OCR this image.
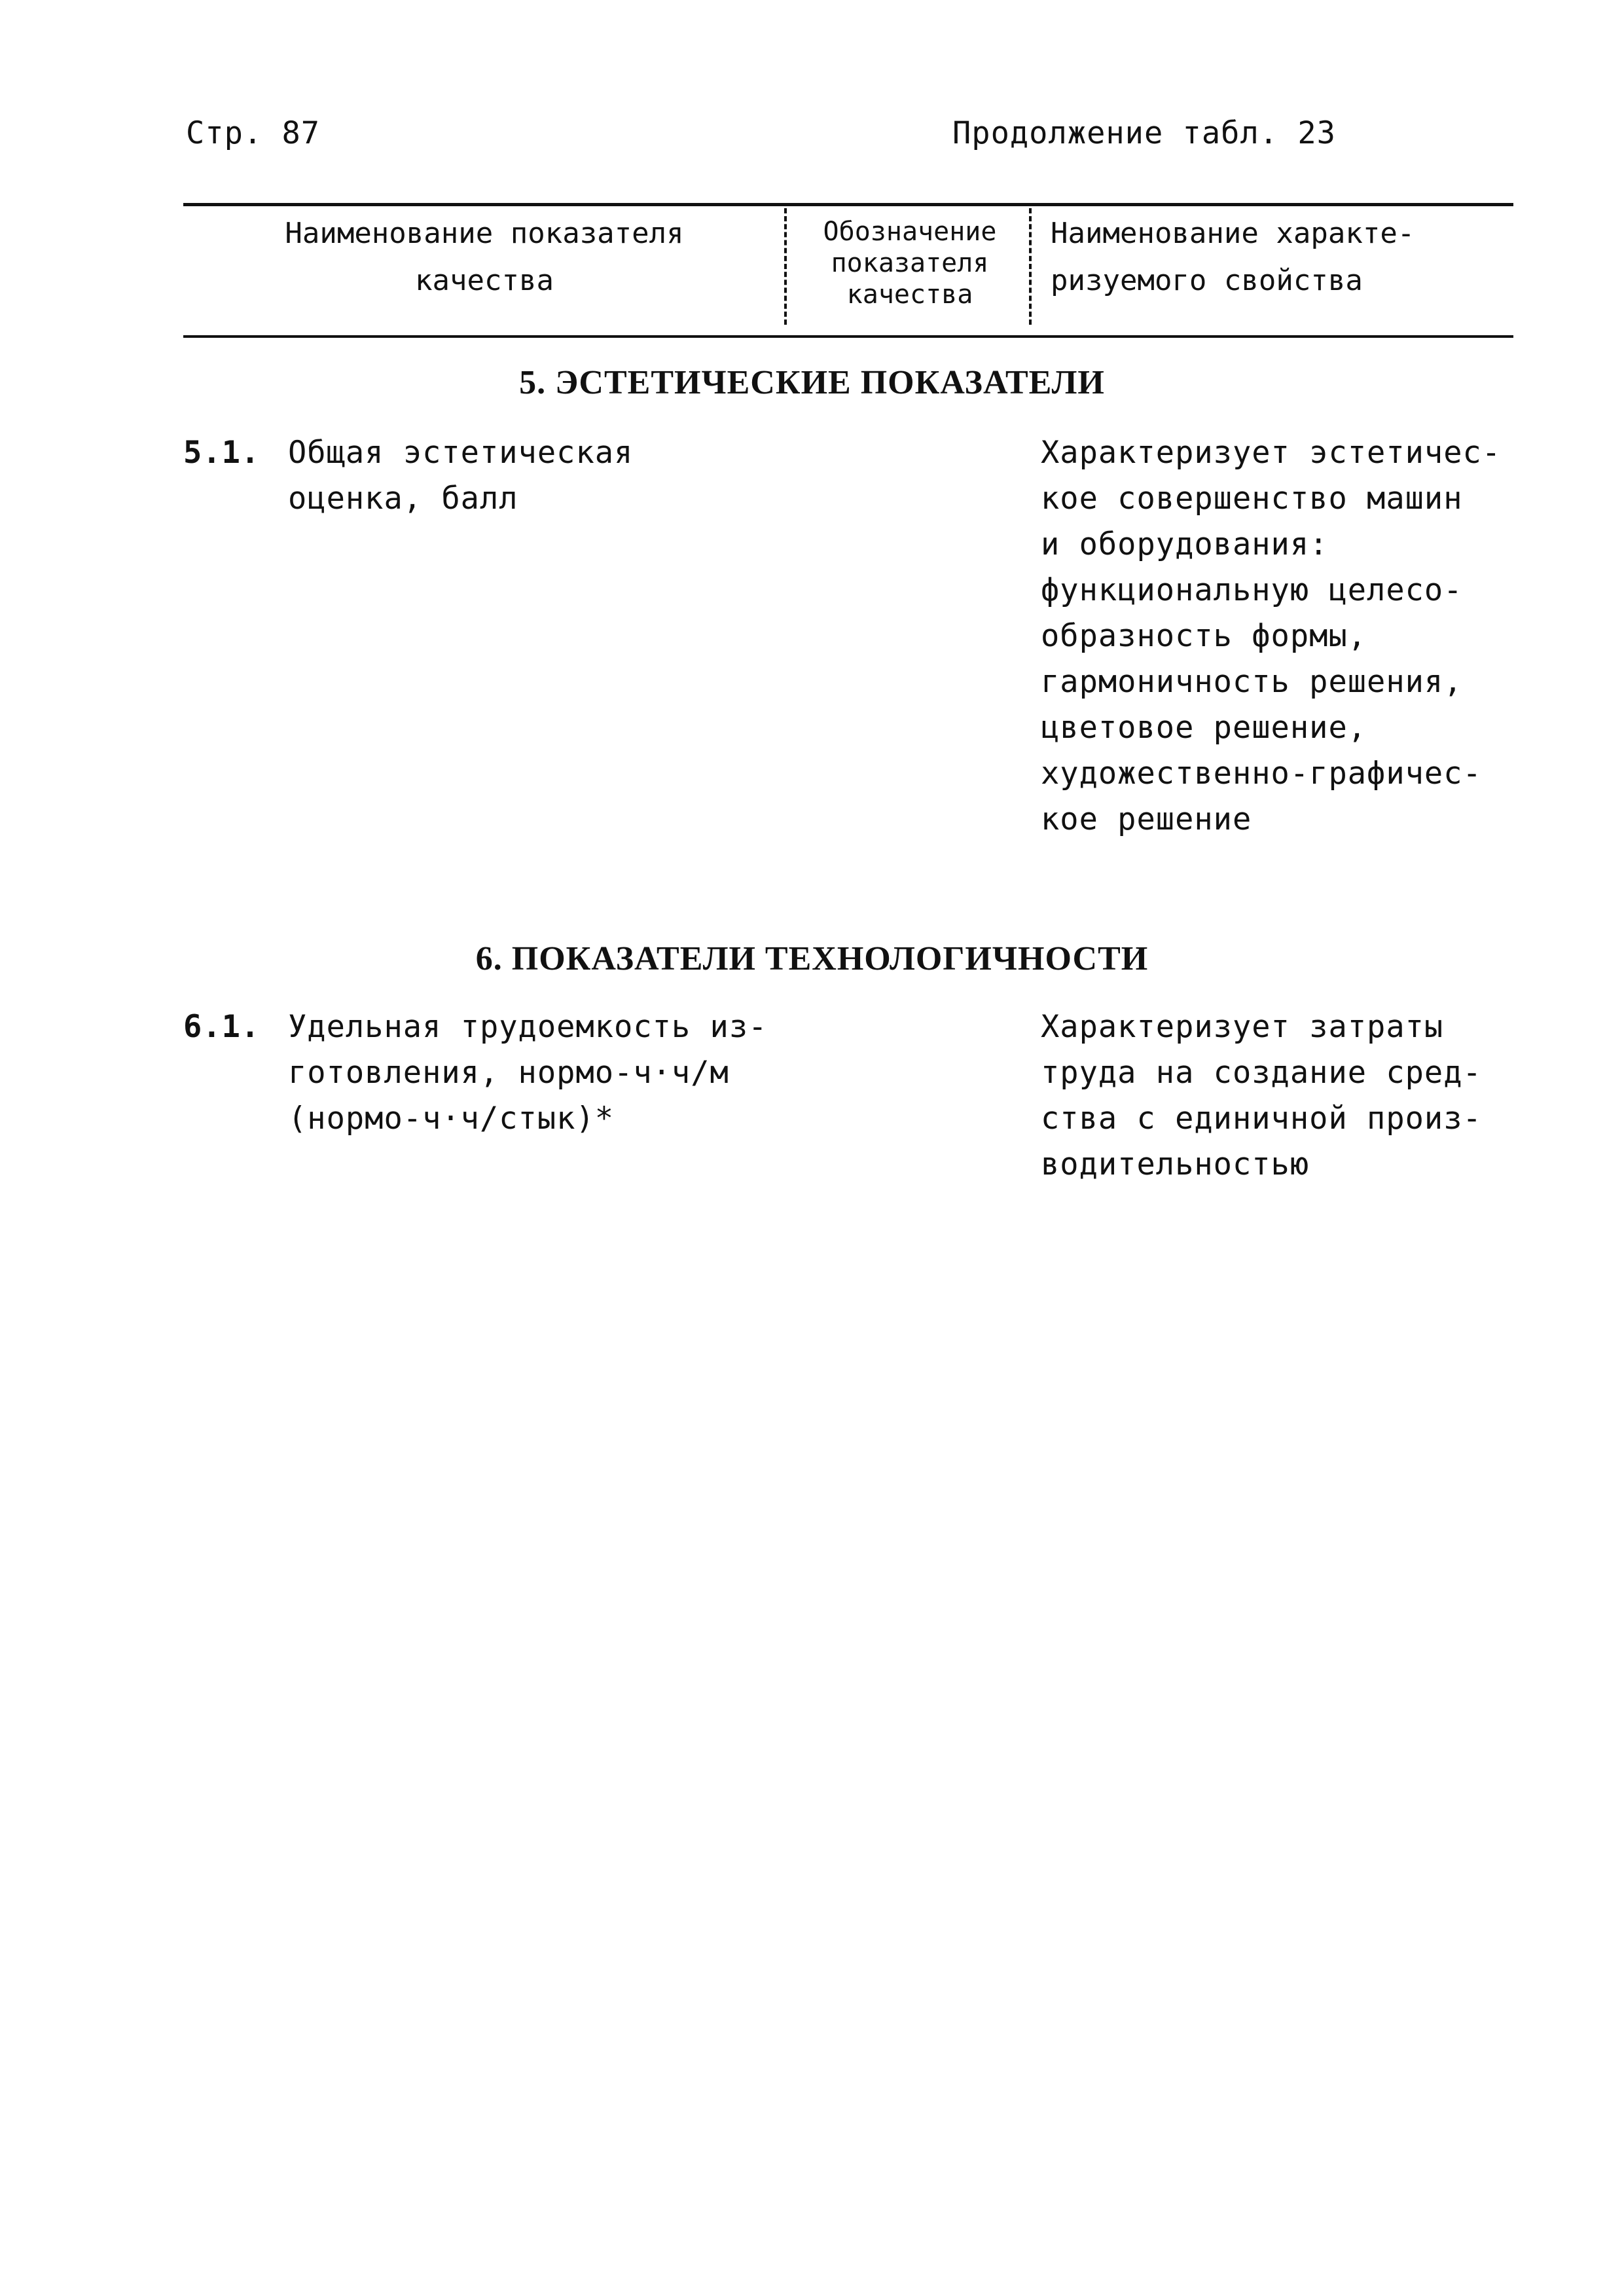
Стр. 87	Продолжение табл. 23
Наименование показателя
качества
Обозначение
показателя
качества
Наименование характе-
ризуемого свойства
5. ЭСТЕТИЧЕСКИЕ ПОКАЗАТЕЛИ
5.1. Общая эстетическая
оценка, балл
Характеризует эстетичес-
кое совершенство машин
и оборудования:
функциональную целесо-
образность формы,
гармоничность решения,
цветовое решение,
художественно-графичес-
кое решение
6. ПОКАЗАТЕЛИ ТЕХНОЛОГИЧНОСТИ
6.1. Удельная трудоемкость из-
готовления, нормо-ч·ч/м
(нормо-ч·ч/стык)*
Характеризует затраты
труда на создание сред-
ства с единичной произ-
водительностью
